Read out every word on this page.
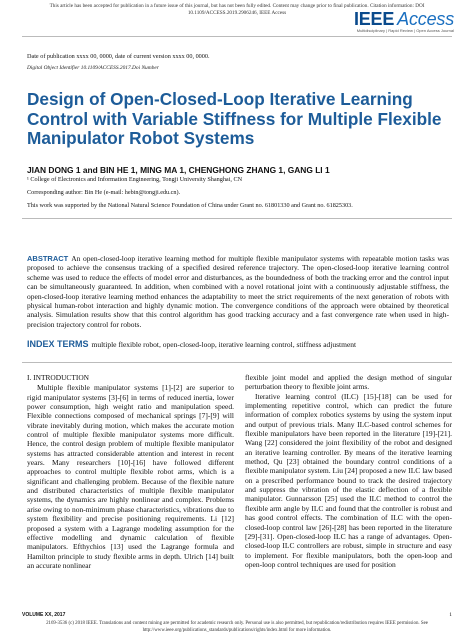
This article has been accepted for publication in a future issue of this journal, but has not been fully edited. Content may change prior to final publication. Citation information: DOI
10.1109/ACCESS.2019.2906246, IEEE Access	IEEE Access
Multidisciplinary | Rapid Review | Open Access Journal
Date of publication xxxx 00, 0000, date of current version xxxx 00, 0000.
Digital Object Identifier 10.1109/ACCESS.2017.Doi Number
Design of Open-Closed-Loop Iterative Learning Control with Variable Stiffness for Multiple Flexible Manipulator Robot Systems
JIAN DONG 1 and BIN HE 1, MING MA 1, CHENGHONG ZHANG 1, GANG LI 1
¹ College of Electronics and Information Engineering, Tongji University Shanghai, CN
Corresponding author: Bin He (e-mail: hebin@tongji.edu.cn).
This work was supported by the National Natural Science Foundation of China under Grant no. 61801330 and Grant no. 61825303.
ABSTRACT An open-closed-loop iterative learning method for multiple flexible manipulator systems with repeatable motion tasks was proposed to achieve the consensus tracking of a specified desired reference trajectory. The open-closed-loop iterative learning control scheme was used to reduce the effects of model error and disturbances, as the boundedness of both the tracking error and the control input can be simultaneously guaranteed. In addition, when combined with a novel rotational joint with a continuously adjustable stiffness, the open-closed-loop iterative learning method enhances the adaptability to meet the strict requirements of the next generation of robots with physical human-robot interaction and highly dynamic motion. The convergence conditions of the approach were obtained by theoretical analysis. Simulation results show that this control algorithm has good tracking accuracy and a fast convergence rate when used in high-precision trajectory control for robots.
INDEX TERMS multiple flexible robot, open-closed-loop, iterative learning control, stiffness adjustment
I. INTRODUCTION

Multiple flexible manipulator systems [1]-[2] are superior to rigid manipulator systems [3]-[6] in terms of reduced inertia, lower power consumption, high weight ratio and manipulation speed. Flexible connections composed of mechanical springs [7]-[9] will vibrate inevitably during motion, which makes the accurate motion control of multiple flexible manipulator systems more difficult. Hence, the control design problem of multiple flexible manipulator systems has attracted considerable attention and interest in recent years. Many researchers [10]-[16] have followed different approaches to control multiple flexible robot arms, which is a significant and challenging problem. Because of the flexible nature and distributed characteristics of multiple flexible manipulator systems, the dynamics are highly nonlinear and complex. Problems arise owing to non-minimum phase characteristics, vibrations due to system flexibility and precise positioning requirements. Li [12] proposed a system with a Lagrange modeling assumption for the effective modelling and dynamic calculation of flexible manipulators. Efthychios [13] used the Lagrange formula and Hamilton principle to study flexible arms in depth. Ulrich [14] built an accurate nonlinear

flexible joint model and applied the design method of singular perturbation theory to flexible joint arms.

Iterative learning control (ILC) [15]-[18] can be used for implementing repetitive control, which can predict the future information of complex robotics systems by using the system input and output of previous trials. Many ILC-based control schemes for flexible manipulators have been reported in the literature [19]-[21]. Wang [22] considered the joint flexibility of the robot and designed an iterative learning controller. By means of the iterative learning method, Qu [23] obtained the boundary control conditions of a flexible manipulator system. Liu [24] proposed a new ILC law based on a prescribed performance bound to track the desired trajectory and suppress the vibration of the elastic deflection of a flexible manipulator. Gunnarsson [25] used the ILC method to control the flexible arm angle by ILC and found that the controller is robust and has good control effects. The combination of ILC with the open-closed-loop control law [26]-[28] has been reported in the literature [29]-[31]. Open-closed-loop ILC has a range of advantages. Open-closed-loop ILC controllers are robust, simple in structure and easy to implement. For flexible manipulators, both the open-loop and open-loop control techniques are used for position

VOLUME XX, 2017	1
2169-3536 (c) 2018 IEEE. Translations and content mining are permitted for academic research only. Personal use is also permitted, but republication/redistribution requires IEEE permission. See
http://www.ieee.org/publications_standards/publications/rights/index.html for more information.
